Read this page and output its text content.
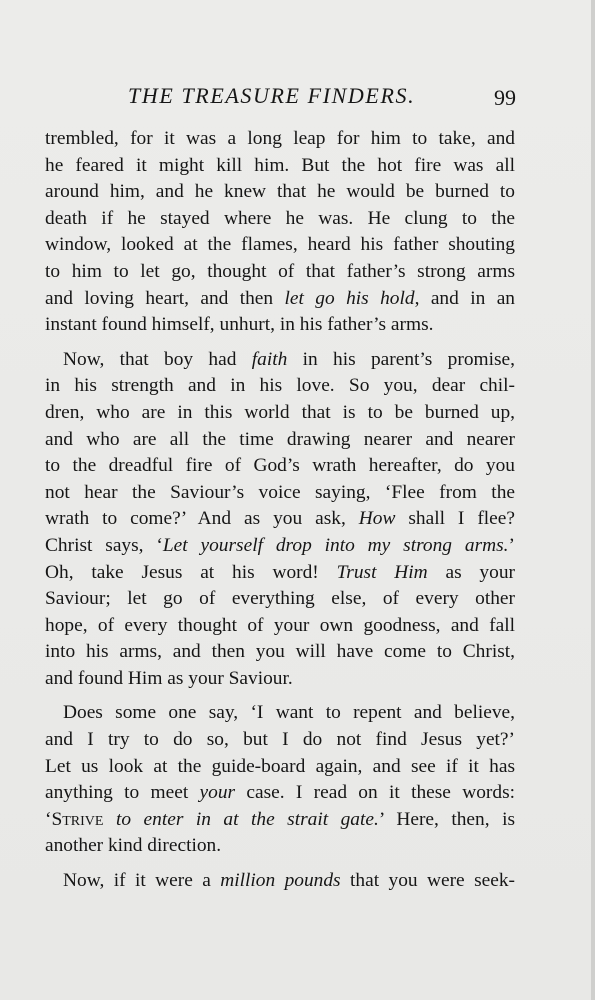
THE TREASURE FINDERS.	99
trembled, for it was a long leap for him to take, and
he feared it might kill him. But the hot fire was all
around him, and he knew that he would be burned to
death if he stayed where he was. He clung to the
window, looked at the flames, heard his father shouting
to him to let go, thought of that father’s strong arms
and loving heart, and then let go his hold, and in an
instant found himself, unhurt, in his father’s arms.
Now, that boy had faith in his parent’s promise,
in his strength and in his love. So you, dear chil-
dren, who are in this world that is to be burned up,
and who are all the time drawing nearer and nearer
to the dreadful fire of God’s wrath hereafter, do you
not hear the Saviour’s voice saying, ‘Flee from the
wrath to come?’ And as you ask, How shall I flee?
Christ says, ‘Let yourself drop into my strong arms.’
Oh, take Jesus at his word! Trust Him as your
Saviour; let go of everything else, of every other
hope, of every thought of your own goodness, and fall
into his arms, and then you will have come to Christ,
and found Him as your Saviour.
Does some one say, ‘I want to repent and believe,
and I try to do so, but I do not find Jesus yet?’
Let us look at the guide-board again, and see if it has
anything to meet your case. I read on it these words:
‘Strive to enter in at the strait gate.’ Here, then, is
another kind direction.
Now, if it were a million pounds that you were seek-
